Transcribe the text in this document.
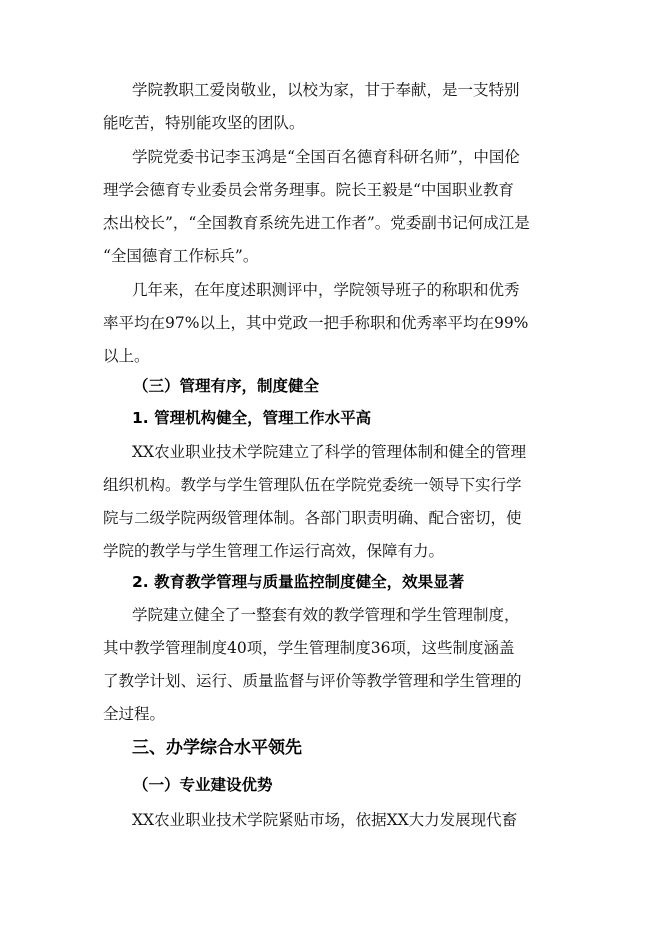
学院教职工爱岗敬业，以校为家，甘于奉献，是一支特别
能吃苦，特别能攻坚的团队。
学院党委书记李玉鸿是“全国百名德育科研名师”，中国伦
理学会德育专业委员会常务理事。院长王毅是“中国职业教育
杰出校长”，“全国教育系统先进工作者”。党委副书记何成江是
“全国德育工作标兵”。
几年来，在年度述职测评中，学院领导班子的称职和优秀
率平均在97%以上，其中党政一把手称职和优秀率平均在99%
以上。
（三）管理有序，制度健全
1. 管理机构健全，管理工作水平高
XX农业职业技术学院建立了科学的管理体制和健全的管理
组织机构。教学与学生管理队伍在学院党委统一领导下实行学
院与二级学院两级管理体制。各部门职责明确、配合密切，使
学院的教学与学生管理工作运行高效，保障有力。
2. 教育教学管理与质量监控制度健全，效果显著
学院建立健全了一整套有效的教学管理和学生管理制度，
其中教学管理制度40项，学生管理制度36项，这些制度涵盖
了教学计划、运行、质量监督与评价等教学管理和学生管理的
全过程。
三、办学综合水平领先
（一）专业建设优势
XX农业职业技术学院紧贴市场，依据XX大力发展现代畜
